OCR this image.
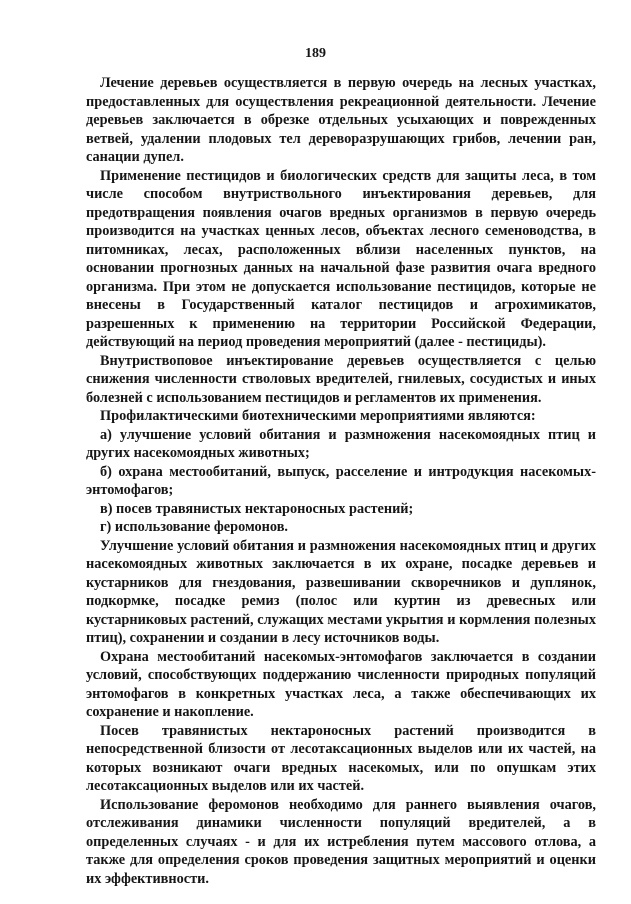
189

Лечение деревьев осуществляется в первую очередь на лесных участках, предоставленных для осуществления рекреационной деятельности. Лечение деревьев заключается в обрезке отдельных усыхающих и поврежденных ветвей, удалении плодовых тел дереворазрушающих грибов, лечении ран, санации дупел.

Применение пестицидов и биологических средств для защиты леса, в том числе способом внутриствольного инъектирования деревьев, для предотвращения появления очагов вредных организмов в первую очередь производится на участках ценных лесов, объектах лесного семеноводства, в питомниках, лесах, расположенных вблизи населенных пунктов, на основании прогнозных данных на начальной фазе развития очага вредного организма. При этом не допускается использование пестицидов, которые не внесены в Государственный каталог пестицидов и агрохимикатов, разрешенных к применению на территории Российской Федерации, действующий на период проведения мероприятий (далее - пестициды).

Внутриствоповое инъектирование деревьев осуществляется с целью снижения численности стволовых вредителей, гнилевых, сосудистых и иных болезней с использованием пестицидов и регламентов их применения.

Профилактическими биотехническими мероприятиями являются:

а) улучшение условий обитания и размножения насекомоядных птиц и других насекомоядных животных;

б) охрана местообитаний, выпуск, расселение и интродукция насекомых-энтомофагов;

в) посев травянистых нектароносных растений;

г) использование феромонов.

Улучшение условий обитания и размножения насекомоядных птиц и других насекомоядных животных заключается в их охране, посадке деревьев и кустарников для гнездования, развешивании скворечников и дуплянок, подкормке, посадке ремиз (полос или куртин из древесных или кустарниковых растений, служащих местами укрытия и кормления полезных птиц), сохранении и создании в лесу источников воды.

Охрана местообитаний насекомых-энтомофагов заключается в создании условий, способствующих поддержанию численности природных популяций энтомофагов в конкретных участках леса, а также обеспечивающих их сохранение и накопление.

Посев травянистых нектароносных растений производится в непосредственной близости от лесотаксационных выделов или их частей, на которых возникают очаги вредных насекомых, или по опушкам этих лесотаксационных выделов или их частей.

Использование феромонов необходимо для раннего выявления очагов, отслеживания динамики численности популяций вредителей, а в определенных случаях - и для их истребления путем массового отлова, а также для определения сроков проведения защитных мероприятий и оценки их эффективности.
